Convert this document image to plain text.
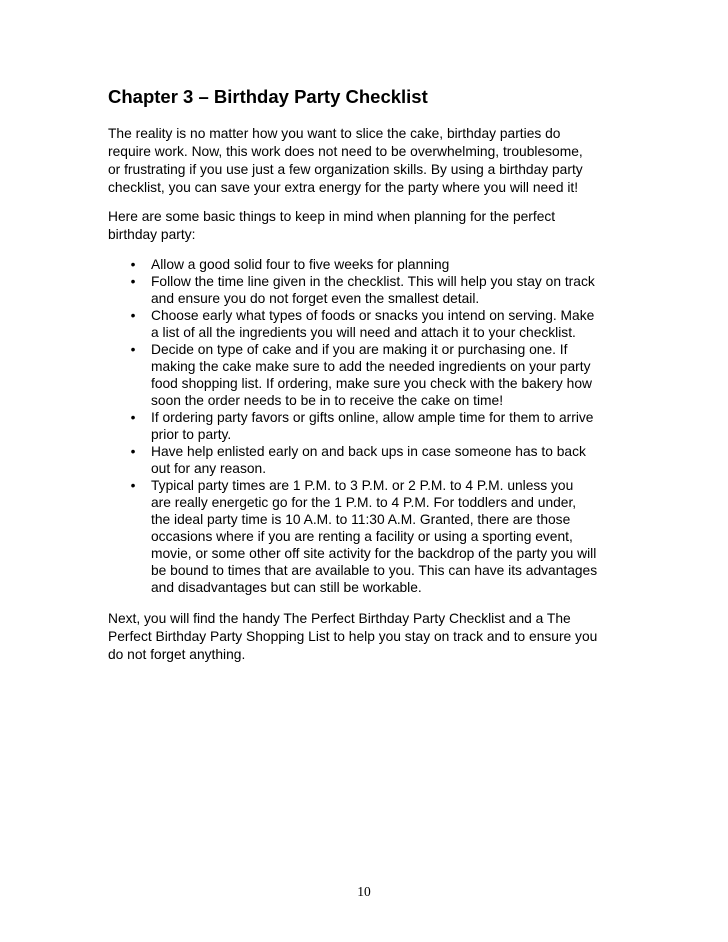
Chapter 3 – Birthday Party Checklist

The reality is no matter how you want to slice the cake, birthday parties do
require work. Now, this work does not need to be overwhelming, troublesome,
or frustrating if you use just a few organization skills. By using a birthday party
checklist, you can save your extra energy for the party where you will need it!

Here are some basic things to keep in mind when planning for the perfect
birthday party:

• Allow a good solid four to five weeks for planning
• Follow the time line given in the checklist. This will help you stay on track
and ensure you do not forget even the smallest detail.
• Choose early what types of foods or snacks you intend on serving. Make
a list of all the ingredients you will need and attach it to your checklist.
• Decide on type of cake and if you are making it or purchasing one. If
making the cake make sure to add the needed ingredients on your party
food shopping list. If ordering, make sure you check with the bakery how
soon the order needs to be in to receive the cake on time!
• If ordering party favors or gifts online, allow ample time for them to arrive
prior to party.
• Have help enlisted early on and back ups in case someone has to back
out for any reason.
• Typical party times are 1 P.M. to 3 P.M. or 2 P.M. to 4 P.M. unless you
are really energetic go for the 1 P.M. to 4 P.M. For toddlers and under,
the ideal party time is 10 A.M. to 11:30 A.M. Granted, there are those
occasions where if you are renting a facility or using a sporting event,
movie, or some other off site activity for the backdrop of the party you will
be bound to times that are available to you. This can have its advantages
and disadvantages but can still be workable.

Next, you will find the handy The Perfect Birthday Party Checklist and a The
Perfect Birthday Party Shopping List to help you stay on track and to ensure you
do not forget anything.

10
